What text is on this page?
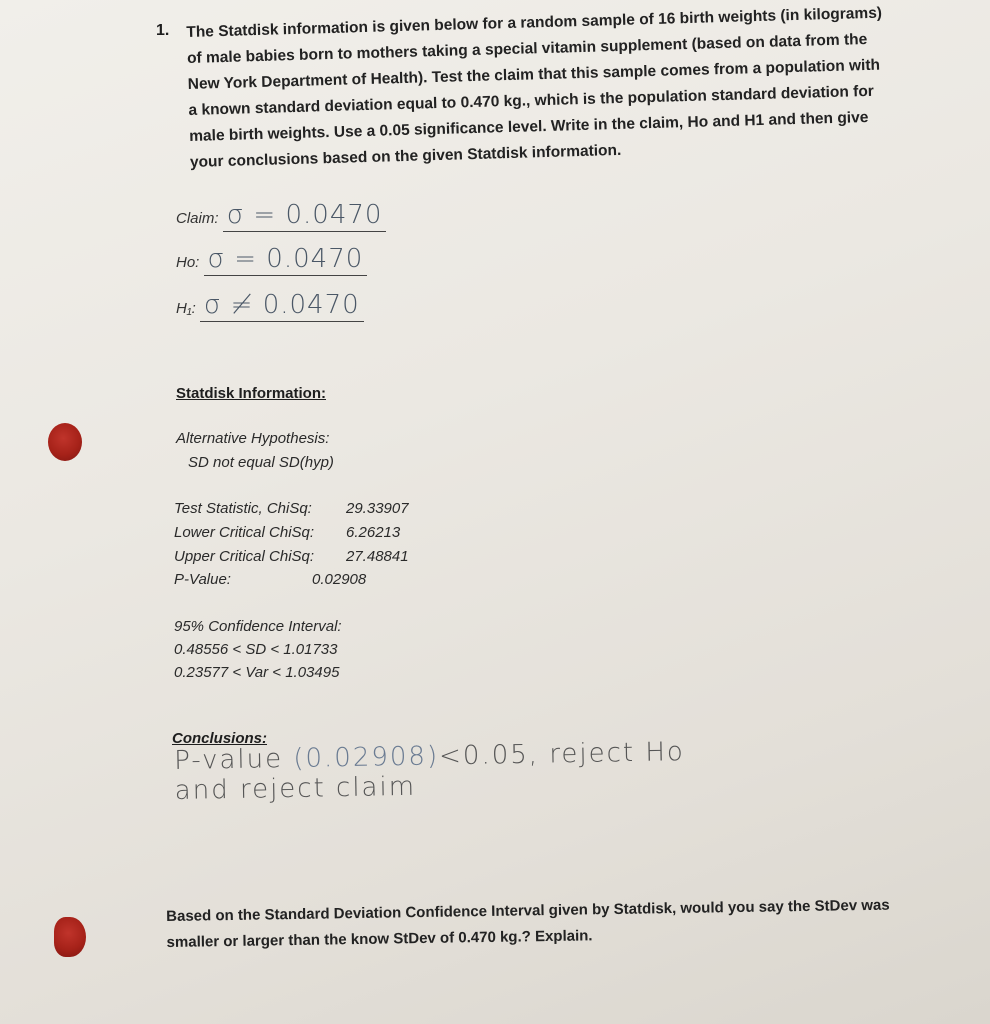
1. The Statdisk information is given below for a random sample of 16 birth weights (in kilograms)
of male babies born to mothers taking a special vitamin supplement (based on data from the
New York Department of Health). Test the claim that this sample comes from a population with
a known standard deviation equal to 0.470 kg., which is the population standard deviation for
male birth weights. Use a 0.05 significance level. Write in the claim, Ho and H1 and then give
your conclusions based on the given Statdisk information.
Claim: σ = 0.0470
Ho: σ = 0.0470
H₁: σ ≠ 0.0470
Statdisk Information:
Alternative Hypothesis:
SD not equal SD(hyp)
Test Statistic, ChiSq: 29.33907
Lower Critical ChiSq: 6.26213
Upper Critical ChiSq: 27.48841
P-Value:	0.02908
95% Confidence Interval:
0.48556 < SD < 1.01733
0.23577 < Var < 1.03495
Conclusions:
P-value (0.02908)<0.05, reject Ho
and reject claim
Based on the Standard Deviation Confidence Interval given by Statdisk, would you say the StDev was
smaller or larger than the know StDev of 0.470 kg.? Explain.
